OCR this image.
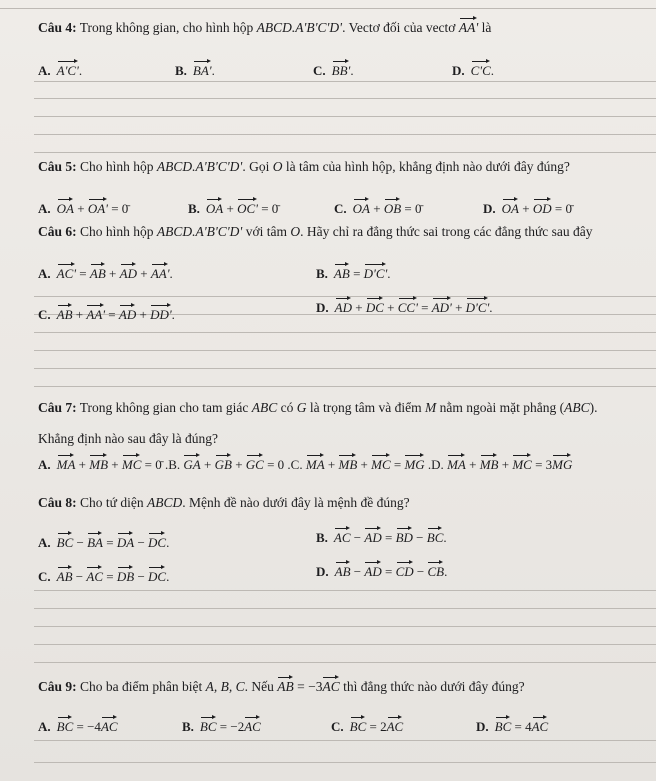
Câu 4: Trong không gian, cho hình hộp ABCD.A'B'C'D'. Vectơ đối của vectơ AA' là
A. A'C'.	B. BA'.	C. BB'.	D. C'C.
Câu 5: Cho hình hộp ABCD.A'B'C'D'. Gọi O là tâm của hình hộp, khẳng định nào dưới đây đúng?
A. OA + OA' = 0̄	B. OA + OC' = 0̄	C. OA + OB = 0̄	D. OA + OD = 0̄
Câu 6: Cho hình hộp ABCD.A'B'C'D' với tâm O. Hãy chỉ ra đẳng thức sai trong các đẳng thức sau đây
A. AC' = AB + AD + AA'.	B. AB = D'C'.
C. AB + AA' = AD + DD'.	D. AD + DC + CC' = AD' + D'C'.
Câu 7: Trong không gian cho tam giác ABC có G là trọng tâm và điểm M nằm ngoài mặt phẳng (ABC).
Khẳng định nào sau đây là đúng?
A. MA + MB + MC = 0̄ .B. GA + GB + GC = 0 .C. MA + MB + MC = MG .D. MA + MB + MC = 3MG
Câu 8: Cho tứ diện ABCD. Mệnh đề nào dưới đây là mệnh đề đúng?
A. BC − BA = DA − DC.	B. AC − AD = BD − BC.
C. AB − AC = DB − DC.	D. AB − AD = CD − CB.
Câu 9: Cho ba điểm phân biệt A, B, C. Nếu AB = −3AC thì đẳng thức nào dưới đây đúng?
A. BC = −4AC	B. BC = −2AC	C. BC = 2AC	D. BC = 4AC
